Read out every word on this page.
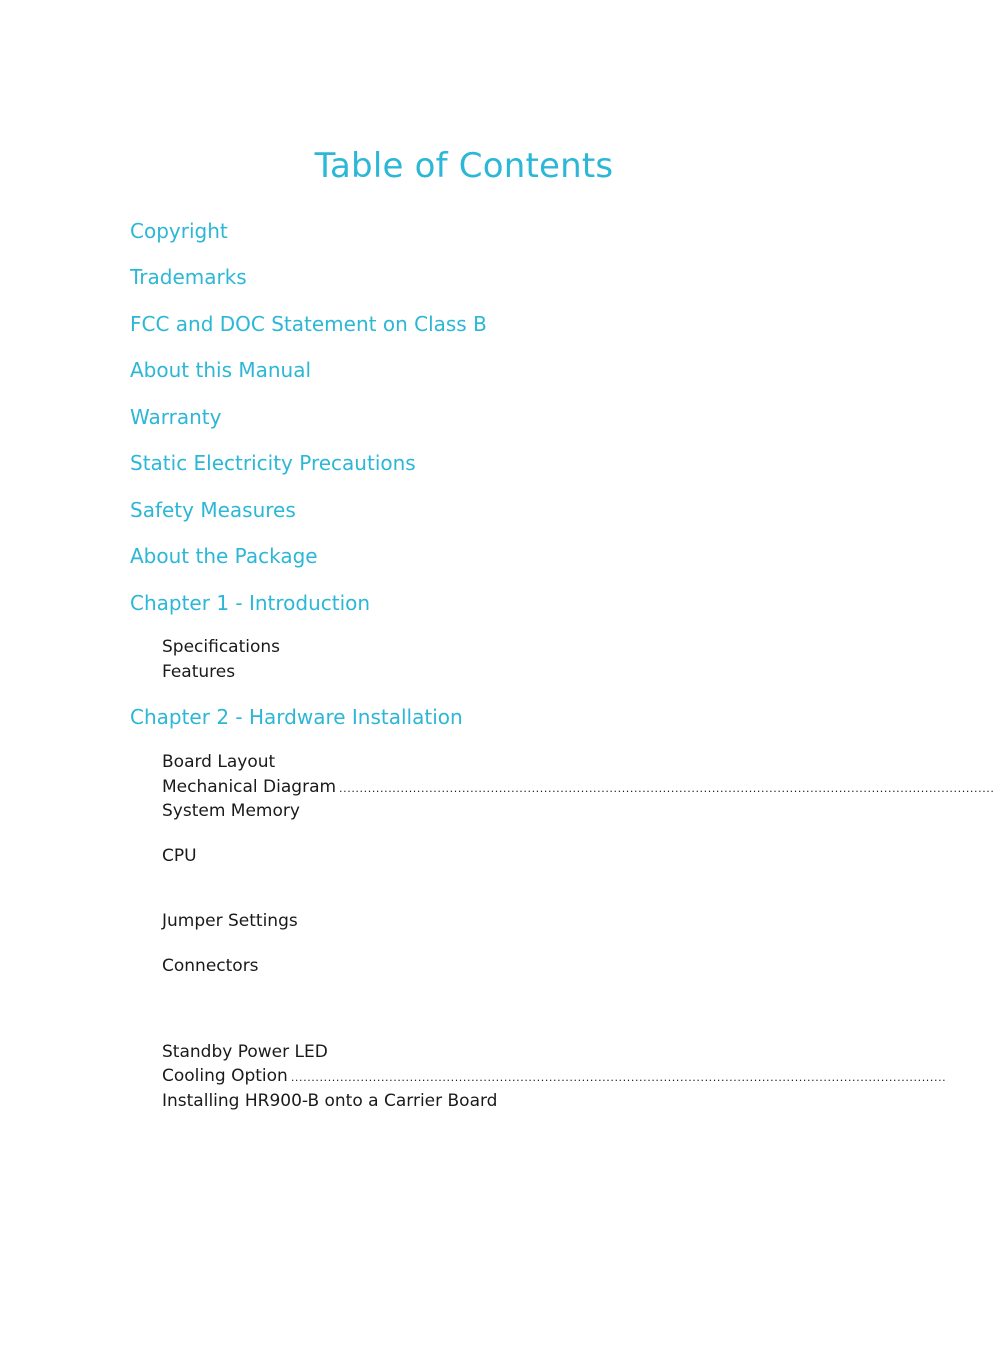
Table of Contents
Copyright
Trademarks
FCC and DOC Statement on Class B
About this Manual
Warranty
Static Electricity Precautions
Safety Measures
About the Package
Chapter 1 - Introduction
Specifications
Features
Chapter 2 - Hardware Installation
Board Layout
Mechanical Diagram ................................................................................................................................................................
System Memory
CPU
Jumper Settings
Connectors
Standby Power LED
Cooling Option ................................................................................................................................................................
Installing HR900-B onto a Carrier Board
